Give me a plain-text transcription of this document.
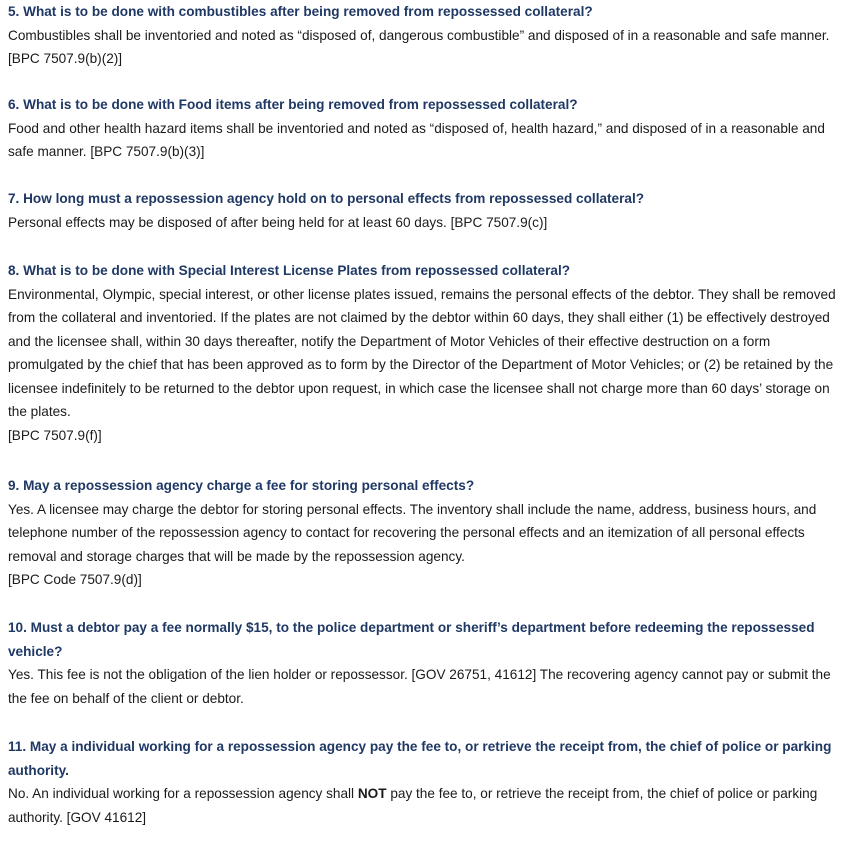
5. What is to be done with combustibles after being removed from repossessed collateral?

Combustibles shall be inventoried and noted as “disposed of, dangerous combustible” and disposed of in a reasonable and safe manner. [BPC 7507.9(b)(2)]

6. What is to be done with Food items after being removed from repossessed collateral?

Food and other health hazard items shall be inventoried and noted as “disposed of, health hazard,” and disposed of in a reasonable and safe manner. [BPC 7507.9(b)(3)]

7. How long must a repossession agency hold on to personal effects from repossessed collateral?

Personal effects may be disposed of after being held for at least 60 days. [BPC 7507.9(c)]

8. What is to be done with Special Interest License Plates from repossessed collateral?

Environmental, Olympic, special interest, or other license plates issued, remains the personal effects of the debtor. They shall be removed from the collateral and inventoried. If the plates are not claimed by the debtor within 60 days, they shall either (1) be effectively destroyed and the licensee shall, within 30 days thereafter, notify the Department of Motor Vehicles of their effective destruction on a form promulgated by the chief that has been approved as to form by the Director of the Department of Motor Vehicles; or (2) be retained by the licensee indefinitely to be returned to the debtor upon request, in which case the licensee shall not charge more than 60 days’ storage on the plates.
[BPC 7507.9(f)]

9. May a repossession agency charge a fee for storing personal effects?

Yes. A licensee may charge the debtor for storing personal effects. The inventory shall include the name, address, business hours, and telephone number of the repossession agency to contact for recovering the personal effects and an itemization of all personal effects removal and storage charges that will be made by the repossession agency.
[BPC Code 7507.9(d)]

10. Must a debtor pay a fee normally $15, to the police department or sheriff’s department before redeeming the repossessed vehicle?

Yes. This fee is not the obligation of the lien holder or repossessor. [GOV 26751, 41612] The recovering agency cannot pay or submit the the fee on behalf of the client or debtor.

11. May a individual working for a repossession agency pay the fee to, or retrieve the receipt from, the chief of police or parking authority.

No. An individual working for a repossession agency shall NOT pay the fee to, or retrieve the receipt from, the chief of police or parking authority. [GOV 41612]
